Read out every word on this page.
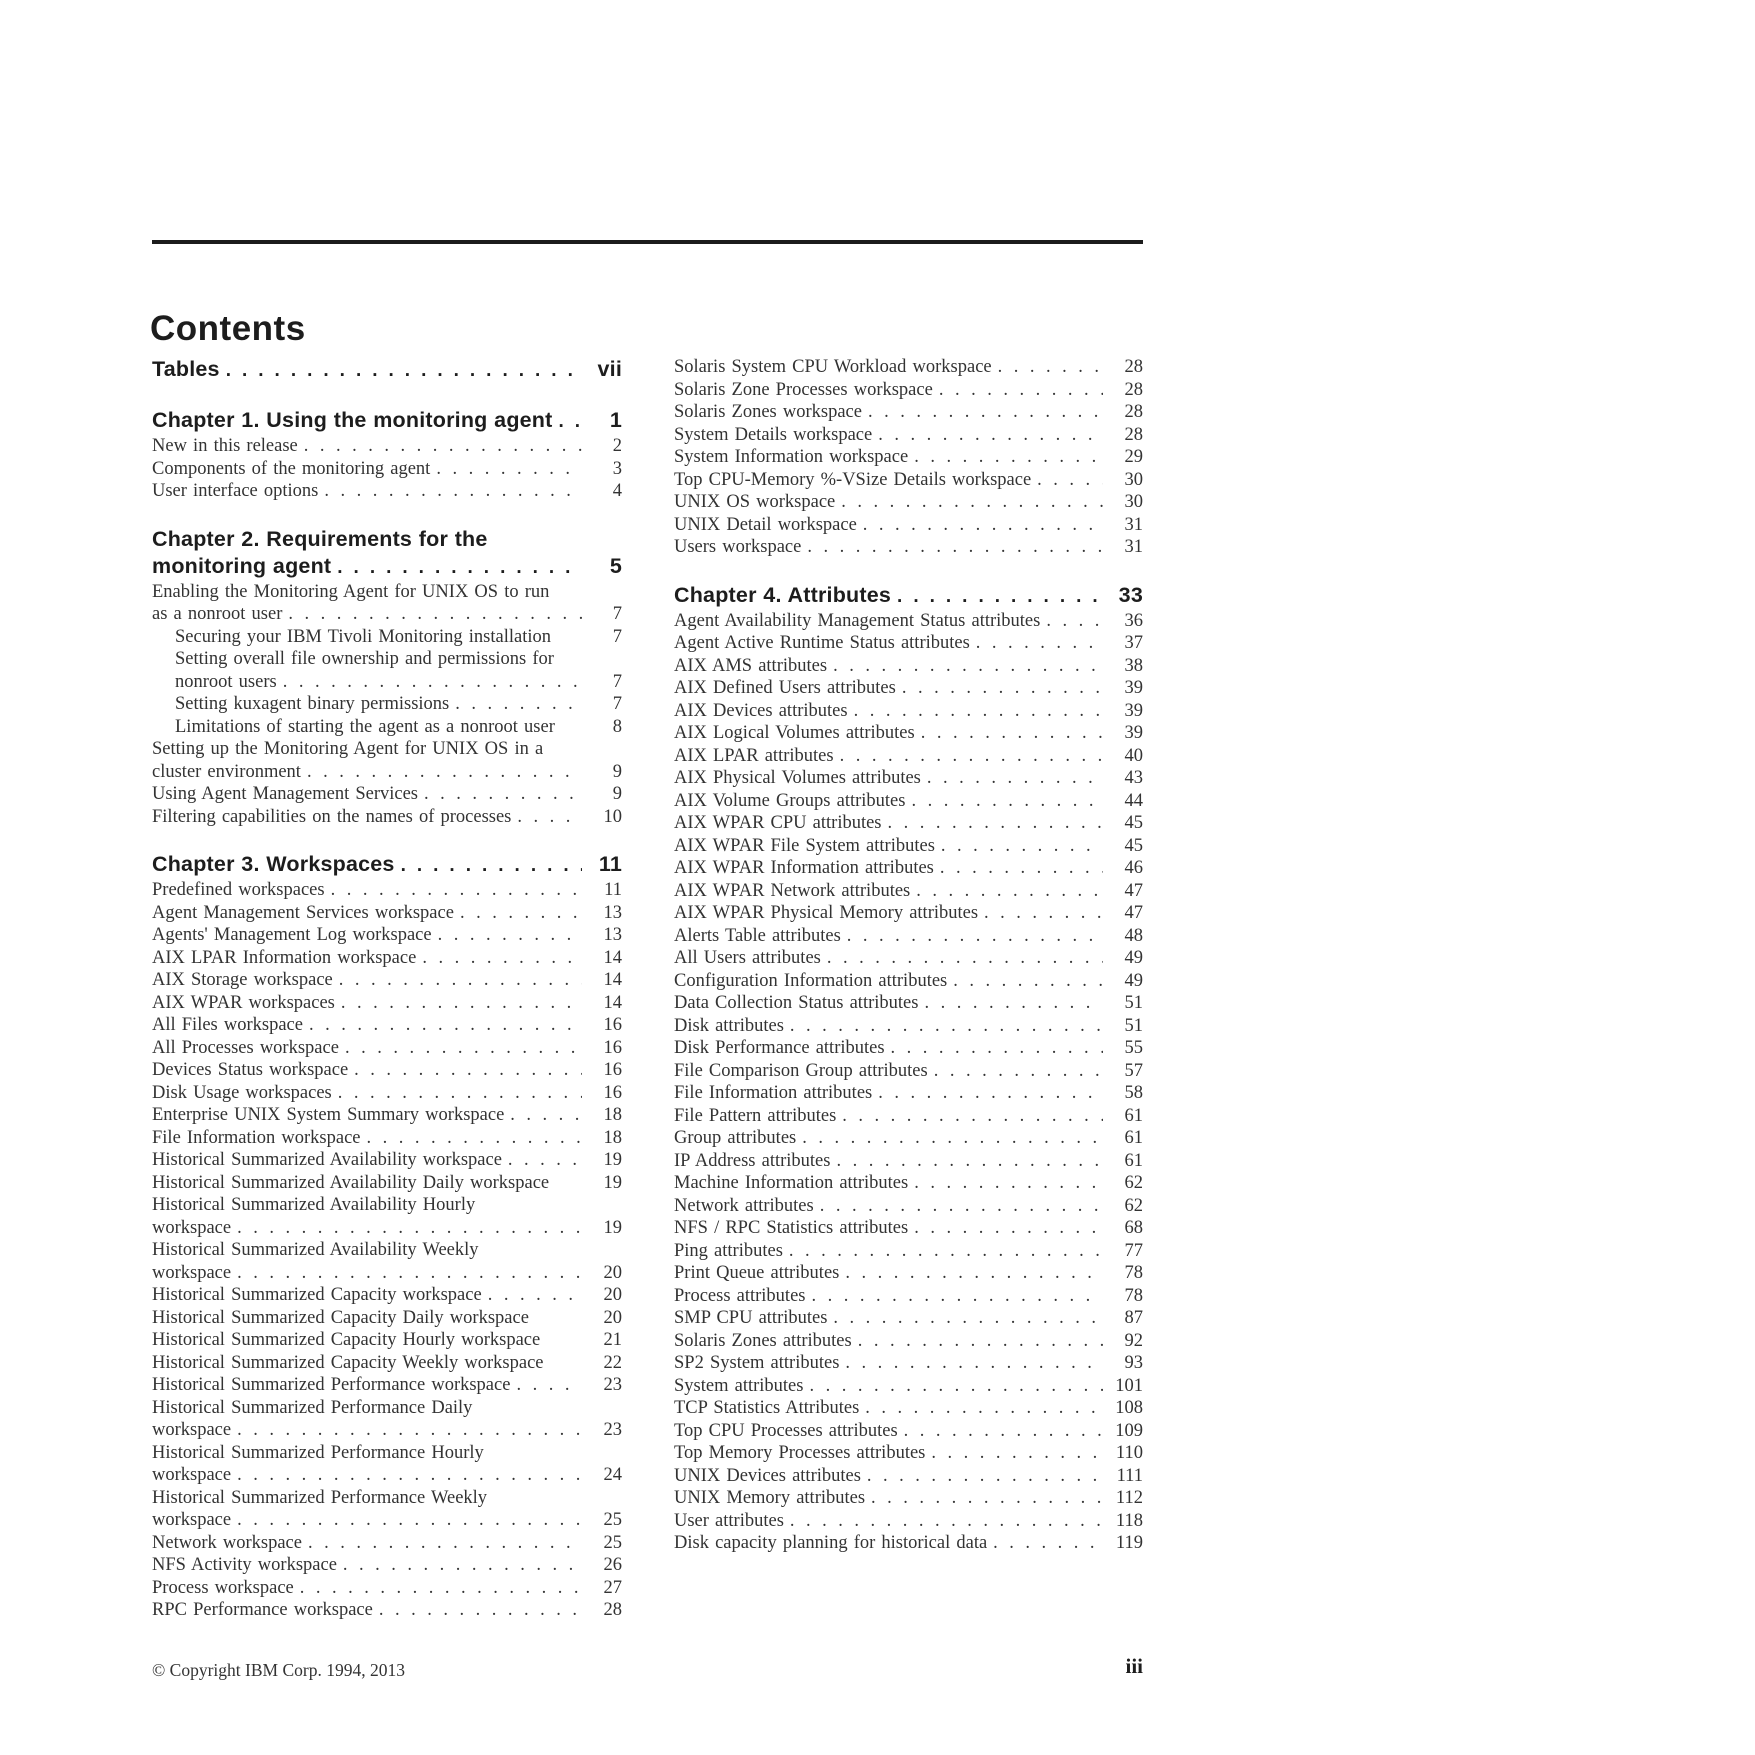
Contents
Tables .....	vii
Chapter 1. Using the monitoring agent .....	1
New in this release .....	2
Components of the monitoring agent .....	3
User interface options .....	4
Chapter 2. Requirements for the
monitoring agent .....	5
Enabling the Monitoring Agent for UNIX OS to run
as a nonroot user .....	7
Securing your IBM Tivoli Monitoring installation	7
Setting overall file ownership and permissions for
nonroot users .....	7
Setting kuxagent binary permissions .....	7
Limitations of starting the agent as a nonroot user	8
Setting up the Monitoring Agent for UNIX OS in a
cluster environment .....	9
Using Agent Management Services .....	9
Filtering capabilities on the names of processes .....	10
Chapter 3. Workspaces .....	11
Predefined workspaces .....	11
Agent Management Services workspace .....	13
Agents' Management Log workspace .....	13
AIX LPAR Information workspace .....	14
AIX Storage workspace .....	14
AIX WPAR workspaces .....	14
All Files workspace .....	16
All Processes workspace .....	16
Devices Status workspace .....	16
Disk Usage workspaces .....	16
Enterprise UNIX System Summary workspace .....	18
File Information workspace .....	18
Historical Summarized Availability workspace .....	19
Historical Summarized Availability Daily workspace	19
Historical Summarized Availability Hourly
workspace .....	19
Historical Summarized Availability Weekly
workspace .....	20
Historical Summarized Capacity workspace .....	20
Historical Summarized Capacity Daily workspace	20
Historical Summarized Capacity Hourly workspace	21
Historical Summarized Capacity Weekly workspace	22
Historical Summarized Performance workspace .....	23
Historical Summarized Performance Daily
workspace .....	23
Historical Summarized Performance Hourly
workspace .....	24
Historical Summarized Performance Weekly
workspace .....	25
Network workspace .....	25
NFS Activity workspace .....	26
Process workspace .....	27
RPC Performance workspace .....	28
Solaris System CPU Workload workspace .....	28
Solaris Zone Processes workspace .....	28
Solaris Zones workspace .....	28
System Details workspace .....	28
System Information workspace .....	29
Top CPU-Memory %-VSize Details workspace .....	30
UNIX OS workspace .....	30
UNIX Detail workspace .....	31
Users workspace .....	31
Chapter 4. Attributes .....	33
Agent Availability Management Status attributes .....	36
Agent Active Runtime Status attributes .....	37
AIX AMS attributes .....	38
AIX Defined Users attributes .....	39
AIX Devices attributes .....	39
AIX Logical Volumes attributes .....	39
AIX LPAR attributes .....	40
AIX Physical Volumes attributes .....	43
AIX Volume Groups attributes .....	44
AIX WPAR CPU attributes .....	45
AIX WPAR File System attributes .....	45
AIX WPAR Information attributes .....	46
AIX WPAR Network attributes .....	47
AIX WPAR Physical Memory attributes .....	47
Alerts Table attributes .....	48
All Users attributes .....	49
Configuration Information attributes .....	49
Data Collection Status attributes .....	51
Disk attributes .....	51
Disk Performance attributes .....	55
File Comparison Group attributes .....	57
File Information attributes .....	58
File Pattern attributes .....	61
Group attributes .....	61
IP Address attributes .....	61
Machine Information attributes .....	62
Network attributes .....	62
NFS / RPC Statistics attributes .....	68
Ping attributes .....	77
Print Queue attributes .....	78
Process attributes .....	78
SMP CPU attributes .....	87
Solaris Zones attributes .....	92
SP2 System attributes .....	93
System attributes .....	101
TCP Statistics Attributes .....	108
Top CPU Processes attributes .....	109
Top Memory Processes attributes .....	110
UNIX Devices attributes .....	111
UNIX Memory attributes .....	112
User attributes .....	118
Disk capacity planning for historical data .....	119
© Copyright IBM Corp. 1994, 2013	iii
